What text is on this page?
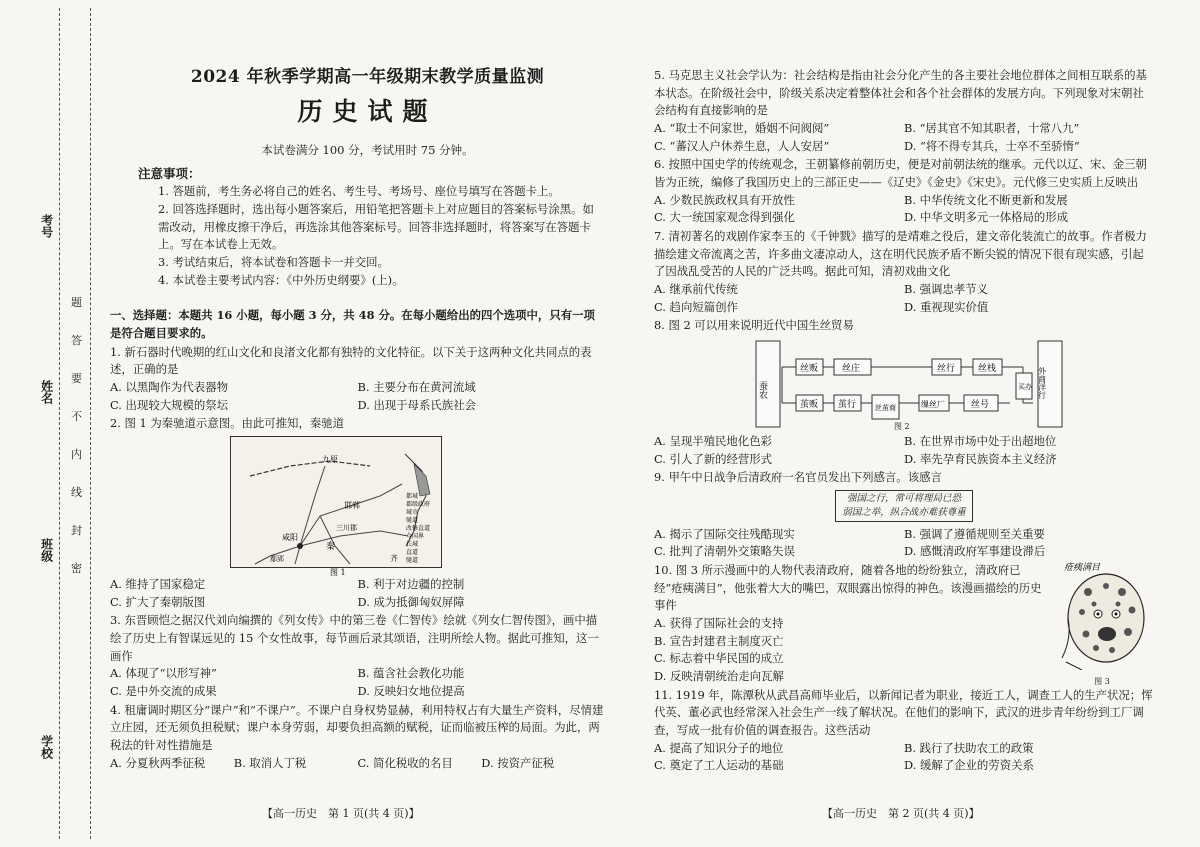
考号
姓名
班级
学校
题
答
要
不
内
线
封
密
2024 年秋季学期高一年级期末教学质量监测
历史试题
本试卷满分 100 分，考试用时 75 分钟。
注意事项：

1. 答题前，考生务必将自己的姓名、考生号、考场号、座位号填写在答题卡上。

2. 回答选择题时，选出每小题答案后，用铅笔把答题卡上对应题目的答案标号涂黑。如需改动，用橡皮擦干净后，再选涂其他答案标号。回答非选择题时，将答案写在答题卡上。写在本试卷上无效。

3. 考试结束后，将本试卷和答题卡一并交回。

4. 本试卷主要考试内容：《中外历史纲要》(上)。

一、选择题：本题共 16 小题，每小题 3 分，共 48 分。在每小题给出的四个选项中，只有一项是符合题目要求的。
1. 新石器时代晚期的红山文化和良渚文化都有独特的文化特征。以下关于这两种文化共同点的表述，正确的是
A. 以黑陶作为代表器物	B. 主要分布在黄河流域
C. 出现较大规模的祭坛	D. 出现于母系氏族社会
2. 图 1 为秦驰道示意图。由此可推知，秦驰道
九原
邯郸
咸阳
秦
三川郡
鄢郢	齐
都城
郡级政府
城市
驰道
改修直道
今国界
长城
直道
驰道
图 1
A. 维持了国家稳定	B. 利于对边疆的控制
C. 扩大了秦朝版图	D. 成为抵御匈奴屏障
3. 东晋顾恺之据汉代刘向编撰的《列女传》中的第三卷《仁智传》绘就《列女仁智传图》，画中描绘了历史上有智谋远见的 15 个女性故事，每节画后录其颂语，注明所绘人物。据此可推知，这一画作
A. 体现了“以形写神”	B. 蕴含社会教化功能
C. 是中外交流的成果	D. 反映妇女地位提高
4. 租庸调时期区分“课户”和“不课户”。不课户自身权势显赫，利用特权占有大量生产资料，尽情建立庄园，还无须负担税赋；课户本身劳弱，却要负担高额的赋税，证而临被压榨的局面。为此，两税法的针对性措施是
A. 分夏秋两季征税	B. 取消人丁税	C. 简化税收的名目	D. 按资产征税
5. 马克思主义社会学认为：社会结构是指由社会分化产生的各主要社会地位群体之间相互联系的基本状态。在阶级社会中，阶级关系决定着整体社会和各个社会群体的发展方向。下列现象对宋朝社会结构有直接影响的是
A. “取士不问家世，婚姻不问阀阅”	B. “居其官不知其职者，十常八九”
C. “蕃汉人户休养生息，人人安居”	D. “将不得专其兵，士卒不至骄惰”
6. 按照中国史学的传统观念，王朝纂修前朝历史，便是对前朝法统的继承。元代以辽、宋、金三朝皆为正统，编修了我国历史上的三部正史——《辽史》《金史》《宋史》。元代修三史实质上反映出
A. 少数民族政权具有开放性	B. 中华传统文化不断更新和发展
C. 大一统国家观念得到强化	D. 中华文明多元一体格局的形成
7. 清初著名的戏剧作家李玉的《千钟戮》描写的是靖难之役后，建文帝化装流亡的故事。作者极力描绘建文帝流离之苦，许多曲文凄凉动人，这在明代民族矛盾不断尖锐的情况下很有现实感，引起了因战乱受苦的人民的广泛共鸣。据此可知，清初戏曲文化
A. 继承前代传统	B. 强调忠孝节义
C. 趋向短篇创作	D. 重视现实价值
8. 图 2 可以用来说明近代中国生丝贸易
蚕农
丝贩	丝庄	丝行	丝栈
茧贩 茧行	丝茧商	缫丝厂	丝号
买办 外商洋行
图 2
A. 呈现半殖民地化色彩	B. 在世界市场中处于出超地位
C. 引人了新的经营形式	D. 率先孕育民族资本主义经济
9. 甲午中日战争后清政府一名官员发出下列感言。该感言
强国之行，常可将理局已恐
弱国之举，纵合战亦难获尊重
A. 揭示了国际交往残酷现实	B. 强调了遵循规则至关重要
C. 批判了清朝外交策略失误	D. 感慨清政府军事建设滞后
10. 图 3 所示漫画中的人物代表清政府，随着各地的纷纷独立，清政府已经“疮痍满目”，他张着大大的嘴巴，双眼露出惊得的神色。该漫画描绘的历史事件
A. 获得了国际社会的支持
B. 宣告封建君主制度灭亡
C. 标志着中华民国的成立
D. 反映清朝统治走向瓦解
疮痍满目
图 3
11. 1919 年，陈潭秋从武昌高师毕业后，以新闻记者为职业，接近工人，调查工人的生产状况；恽代英、董必武也经常深入社会生产一线了解状况。在他们的影响下，武汉的进步青年纷纷到工厂调查，写成一批有价值的调查报告。这些活动
A. 提高了知识分子的地位	B. 践行了扶助农工的政策
C. 奠定了工人运动的基础	D. 缓解了企业的劳资关系
【高一历史　第 1 页(共 4 页)】	【高一历史　第 2 页(共 4 页)】
